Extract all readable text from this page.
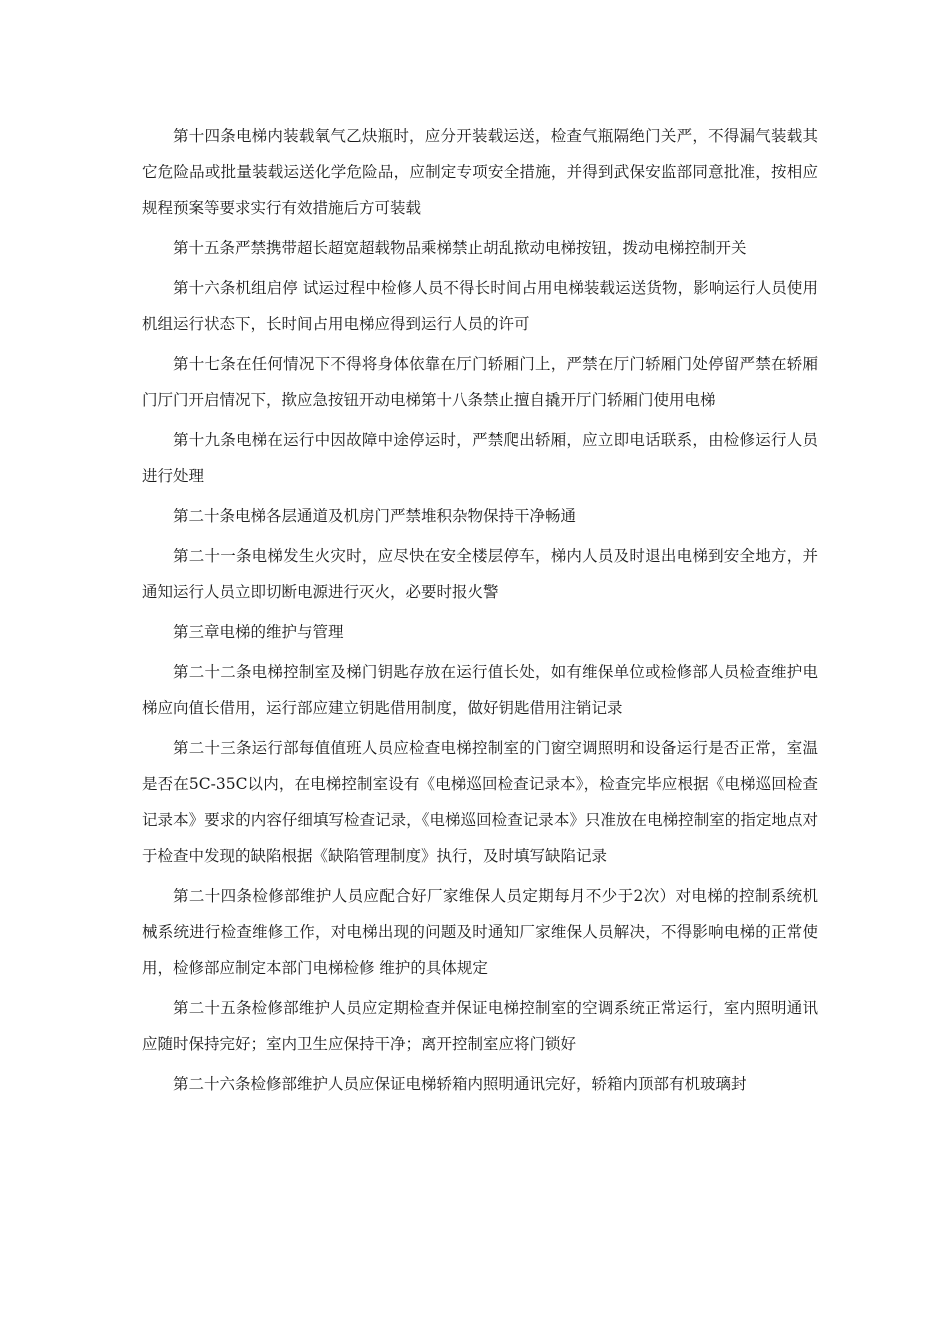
第十四条电梯内装载氧气乙炔瓶时，应分开装载运送，检查气瓶隔绝门关严，不得漏气装载其它危险品或批量装载运送化学危险品，应制定专项安全措施，并得到武保安监部同意批准，按相应规程预案等要求实行有效措施后方可装载

第十五条严禁携带超长超宽超载物品乘梯禁止胡乱揿动电梯按钮，拨动电梯控制开关

第十六条机组启停 试运过程中检修人员不得长时间占用电梯装载运送货物，影响运行人员使用 机组运行状态下，长时间占用电梯应得到运行人员的许可

第十七条在任何情况下不得将身体依靠在厅门轿厢门上，严禁在厅门轿厢门处停留严禁在轿厢门厅门开启情况下，揿应急按钮开动电梯第十八条禁止擅自撬开厅门轿厢门使用电梯

第十九条电梯在运行中因故障中途停运时，严禁爬出轿厢，应立即电话联系，由检修运行人员进行处理

第二十条电梯各层通道及机房门严禁堆积杂物保持干净畅通

第二十一条电梯发生火灾时，应尽快在安全楼层停车，梯内人员及时退出电梯到安全地方，并通知运行人员立即切断电源进行灭火，必要时报火警

第三章电梯的维护与管理

第二十二条电梯控制室及梯门钥匙存放在运行值长处，如有维保单位或检修部人员检查维护电梯应向值长借用，运行部应建立钥匙借用制度，做好钥匙借用注销记录

第二十三条运行部每值值班人员应检查电梯控制室的门窗空调照明和设备运行是否正常，室温是否在5C-35C以内，在电梯控制室设有《电梯巡回检查记录本》，检查完毕应根据《电梯巡回检查记录本》要求的内容仔细填写检查记录，《电梯巡回检查记录本》只准放在电梯控制室的指定地点对于检查中发现的缺陷根据《缺陷管理制度》执行，及时填写缺陷记录

第二十四条检修部维护人员应配合好厂家维保人员定期每月不少于2次）对电梯的控制系统机械系统进行检查维修工作，对电梯出现的问题及时通知厂家维保人员解决，不得影响电梯的正常使用，检修部应制定本部门电梯检修 维护的具体规定

第二十五条检修部维护人员应定期检查并保证电梯控制室的空调系统正常运行，室内照明通讯应随时保持完好；室内卫生应保持干净；离开控制室应将门锁好

第二十六条检修部维护人员应保证电梯轿箱内照明通讯完好，轿箱内顶部有机玻璃封
